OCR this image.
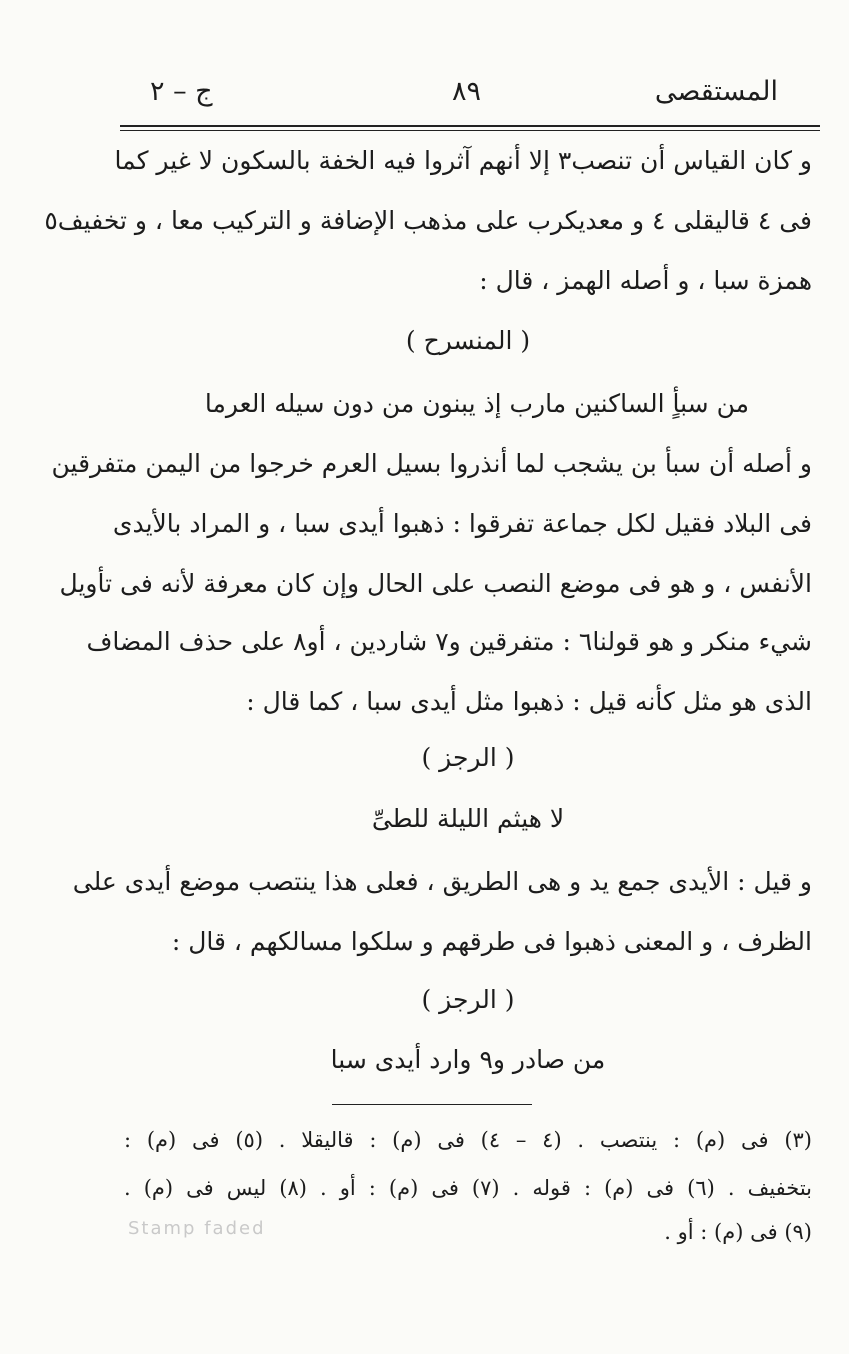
المستقصى
٨٩
ج – ٢
و كان القياس أن تنصب٣ إلا أنهم آثروا فيه الخفة بالسكون لا غير كما
فى ٤ قاليقلى ٤ و معديكرب على مذهب الإضافة و التركيب معا ، و تخفيف٥
همزة سبا ، و أصله الهمز ، قال :
( المنسرح )
من سبأٍ الساكنين مارب إذ يبنون من دون سيله العرما
و أصله أن سبأ بن يشجب لما أنذروا بسيل العرم خرجوا من اليمن متفرقين
فى البلاد فقيل لكل جماعة تفرقوا : ذهبوا أيدى سبا ، و المراد بالأيدى
الأنفس ، و هو فى موضع النصب على الحال وإن كان معرفة لأنه فى تأويل
شيء منكر و هو قولنا٦ : متفرقين و٧ شاردين ، أو٨ على حذف المضاف
الذى هو مثل كأنه قيل : ذهبوا مثل أيدى سبا ، كما قال :
( الرجز )
لا هيثم الليلة للطىِّ
و قيل : الأيدى جمع يد و هى الطريق ، فعلى هذا ينتصب موضع أيدى على
الظرف ، و المعنى ذهبوا فى طرقهم و سلكوا مسالكهم ، قال :
( الرجز )
من صادر و٩ وارد أيدى سبا
(٣) فى (م) : ينتصب . (٤ – ٤) فى (م) : قاليقلا . (٥) فى (م) :
بتخفيف . (٦) فى (م) : قوله . (٧) فى (م) : أو . (٨) ليس فى (م) .
(٩) فى (م) : أو .
Stamp faded
